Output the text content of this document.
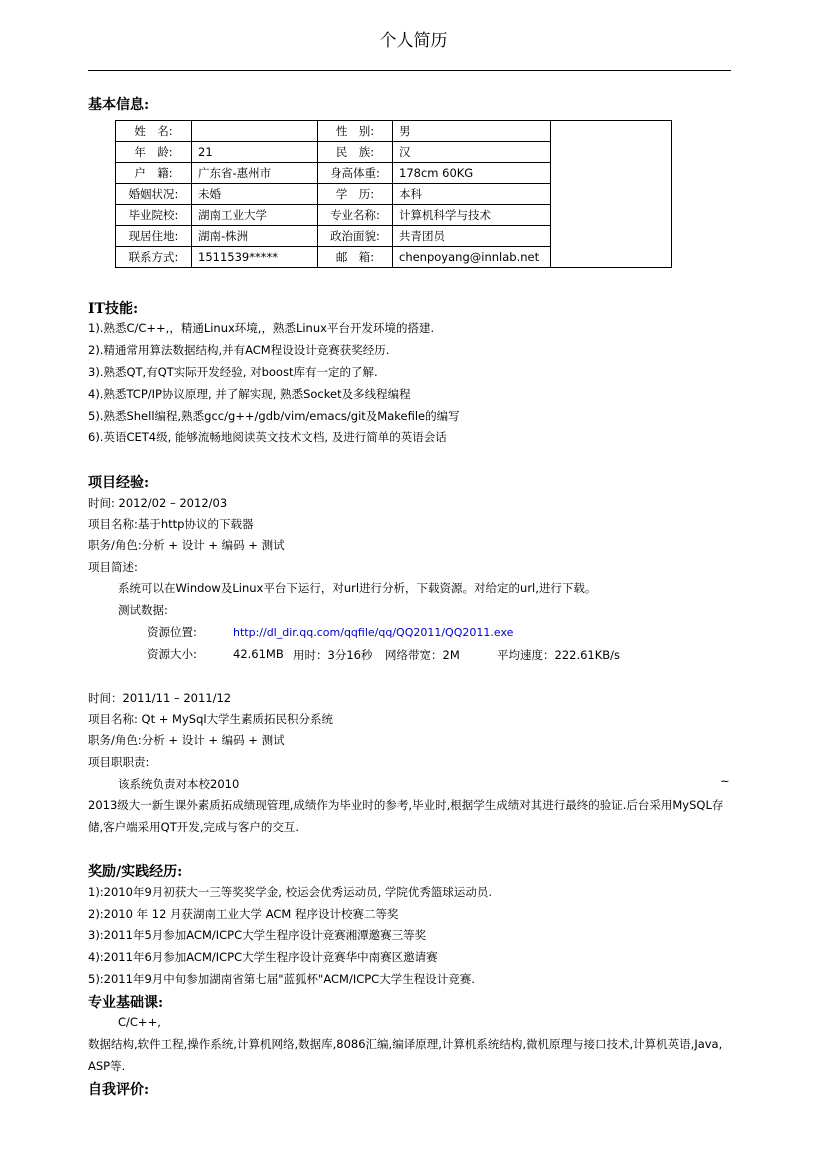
个人简历
基本信息:
姓　名:		性　别:	男	
年　龄:	21	民　族:	汉	
户　籍:	广东省-惠州市	身高体重:	178cm 60KG	
婚姻状况:	未婚	学　历:	本科	
毕业院校:	湖南工业大学	专业名称:	计算机科学与技术	
现居住地:	湖南-株洲	政治面貌:	共青团员	
联系方式:	1511539*****	邮　箱:	chenpoyang@innlab.net	
IT技能:
1).熟悉C/C++,，精通Linux环境,，熟悉Linux平台开发环境的搭建.
2).精通常用算法数据结构,并有ACM程设设计竞赛获奖经历.
3).熟悉QT,有QT实际开发经验, 对boost库有一定的了解.
4).熟悉TCP/IP协议原理, 并了解实现, 熟悉Socket及多线程编程
5).熟悉Shell编程,熟悉gcc/g++/gdb/vim/emacs/git及Makefile的编写
6).英语CET4级, 能够流畅地阅读英文技术文档, 及进行简单的英语会话
项目经验:
时间: 2012/02 – 2012/03
项目名称:基于http协议的下载器
职务/角色:分析 + 设计 + 编码 + 测试
项目简述:
系统可以在Window及Linux平台下运行，对url进行分析，下载资源。对给定的url,进行下载。
测试数据:
资源位置:	http://dl_dir.qq.com/qqfile/qq/QQ2011/QQ2011.exe
资源大小:	42.61MB 用时：3分16秒 网络带宽：2M	平均速度：222.61KB/s
时间：2011/11 – 2011/12
项目名称: Qt + MySql大学生素质拓民积分系统
职务/角色:分析 + 设计 + 编码 + 测试
项目职职责:
该系统负责对本校2010	~
2013级大一新生课外素质拓成绩现管理,成绩作为毕业时的参考,毕业时,根据学生成绩对其进行最终的验证.后台采用MySQL存储,客户端采用QT开发,完成与客户的交互.
奖励/实践经历:
1):2010年9月初获大一三等奖奖学金, 校运会优秀运动员, 学院优秀篮球运动员.
2):2010 年 12 月获湖南工业大学 ACM 程序设计校赛二等奖
3):2011年5月参加ACM/ICPC大学生程序设计竞赛湘潭邀赛三等奖
4):2011年6月参加ACM/ICPC大学生程序设计竞赛华中南赛区邀请赛
5):2011年9月中旬参加湖南省第七届"蓝狐杯"ACM/ICPC大学生程设计竞赛.
专业基础课:
C/C++,
数据结构,软件工程,操作系统,计算机网络,数据库,8086汇编,编译原理,计算机系统结构,微机原理与接口技术,计算机英语,Java, ASP等.
自我评价:
